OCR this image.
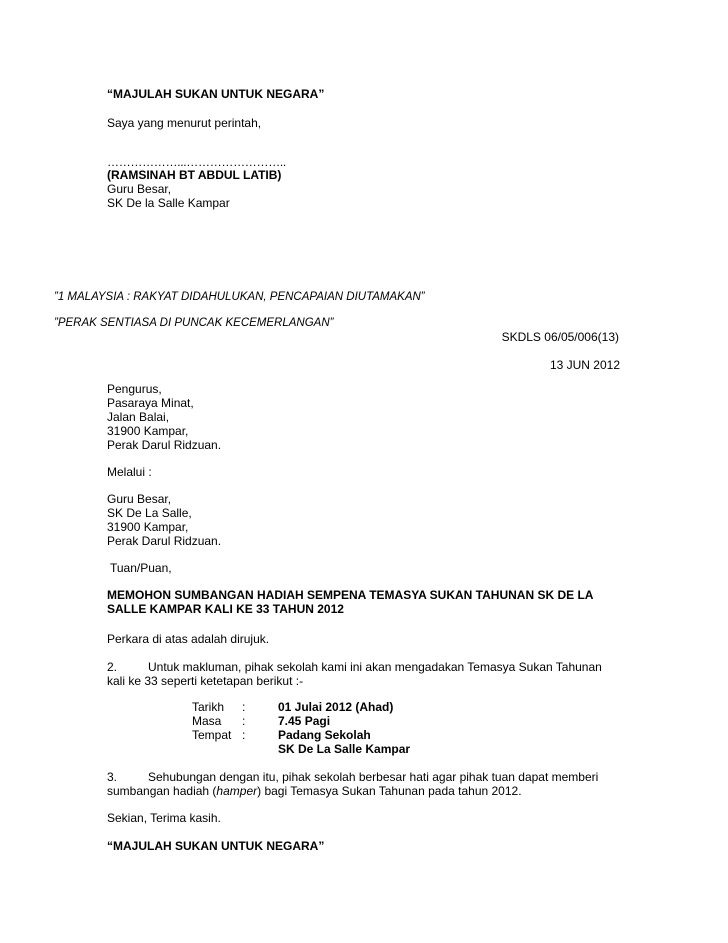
“MAJULAH SUKAN UNTUK NEGARA”
Saya yang menurut perintah,
………………...……………………..
(RAMSINAH BT ABDUL LATIB)
Guru Besar,
SK De la Salle Kampar
”1 MALAYSIA : RAKYAT DIDAHULUKAN, PENCAPAIAN DIUTAMAKAN”
”PERAK SENTIASA DI PUNCAK KECEMERLANGAN”
SKDLS 06/05/006(13)
13 JUN 2012
Pengurus,
Pasaraya Minat,
Jalan Balai,
31900 Kampar,
Perak Darul Ridzuan.
Melalui :
Guru Besar,
SK De La Salle,
31900 Kampar,
Perak Darul Ridzuan.
Tuan/Puan,
MEMOHON SUMBANGAN HADIAH SEMPENA TEMASYA SUKAN TAHUNAN SK DE LA
SALLE KAMPAR KALI KE 33 TAHUN 2012
Perkara di atas adalah dirujuk.
2.	Untuk makluman, pihak sekolah kami ini akan mengadakan Temasya Sukan Tahunan
kali ke 33 seperti ketetapan berikut :-
Tarikh :	01 Julai 2012 (Ahad)
Masa :	7.45 Pagi
Tempat :	Padang Sekolah
SK De La Salle Kampar
3.	Sehubungan dengan itu, pihak sekolah berbesar hati agar pihak tuan dapat memberi
sumbangan hadiah (hamper) bagi Temasya Sukan Tahunan pada tahun 2012.
Sekian, Terima kasih.
“MAJULAH SUKAN UNTUK NEGARA”
